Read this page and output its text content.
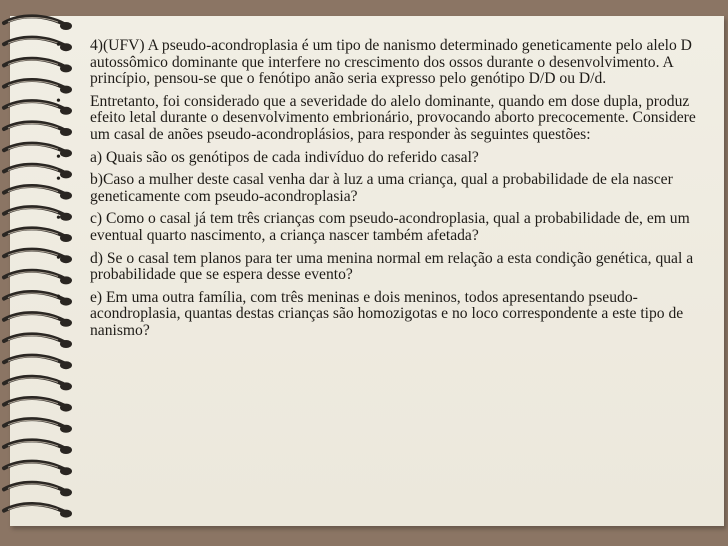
• 4)(UFV) A pseudo-acondroplasia é um tipo de nanismo determinado geneticamente pelo alelo D autossômico dominante que interfere no crescimento dos ossos durante o desenvolvimento. A princípio, pensou-se que o fenótipo anão seria expresso pelo genótipo D/D ou D/d.
• Entretanto, foi considerado que a severidade do alelo dominante, quando em dose dupla, produz efeito letal durante o desenvolvimento embrionário, provocando aborto precocemente. Considere um casal de anões pseudo-acondroplásios, para responder às seguintes questões:
• a) Quais são os genótipos de cada indivíduo do referido casal?
• b)Caso a mulher deste casal venha dar à luz a uma criança, qual a probabilidade de ela nascer geneticamente com pseudo-acondroplasia?
• c) Como o casal já tem três crianças com pseudo-acondroplasia, qual a probabilidade de, em um eventual quarto nascimento, a criança nascer também afetada?
• d) Se o casal tem planos para ter uma menina normal em relação a esta condição genética, qual a probabilidade que se espera desse evento?
• e) Em uma outra família, com três meninas e dois meninos, todos apresentando pseudo-acondroplasia, quantas destas crianças são homozigotas e no loco correspondente a este tipo de nanismo?
